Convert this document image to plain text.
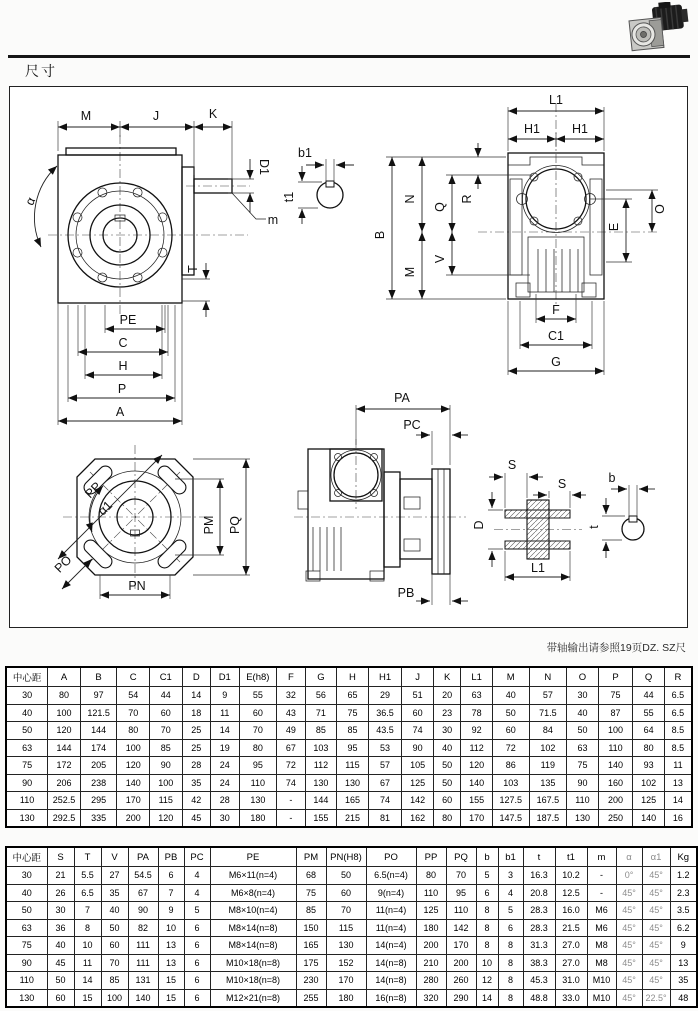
尺寸
M	J	K
D1
m
α
T
b1
t1
PE
C
H
P
A
L1
H1	H1
B
N
Q
R
M
V
O
E
F
C1
G
PP
α1
PO
PM PQ
PN
PA
PC
PB
S
S
D
L1
b
t
带轴输出请参照19页DZ. SZ尺
中心距	A	B	C	C1	D	D1	E(h8)	F	G	H	H1	J	K	L1	M	N	O	P	Q	R
30	80	97	54	44	14	9	55	32	56	65	29	51	20	63	40	57	30	75	44	6.5
40	100	121.5	70	60	18	11	60	43	71	75	36.5	60	23	78	50	71.5	40	87	55	6.5
50	120	144	80	70	25	14	70	49	85	85	43.5	74	30	92	60	84	50	100	64	8.5
63	144	174	100	85	25	19	80	67	103	95	53	90	40	112	72	102	63	110	80	8.5
75	172	205	120	90	28	24	95	72	112	115	57	105	50	120	86	119	75	140	93	11
90	206	238	140	100	35	24	110	74	130	130	67	125	50	140	103	135	90	160	102	13
110	252.5	295	170	115	42	28	130	-	144	165	74	142	60	155	127.5	167.5	110	200	125	14
130	292.5	335	200	120	45	30	180	-	155	215	81	162	80	170	147.5	187.5	130	250	140	16
中心距	S	T	V	PA	PB	PC	PE	PM	PN(H8)	PO	PP	PQ	b	b1	t	t1	m	α	α1	Kg
30	21	5.5	27	54.5	6	4	M6×11(n=4)	68	50	6.5(n=4)	80	70	5	3	16.3	10.2	-	0°	45°	1.2
40	26	6.5	35	67	7	4	M6×8(n=4)	75	60	9(n=4)	110	95	6	4	20.8	12.5	-	45°	45°	2.3
50	30	7	40	90	9	5	M8×10(n=4)	85	70	11(n=4)	125	110	8	5	28.3	16.0	M6	45°	45°	3.5
63	36	8	50	82	10	6	M8×14(n=8)	150	115	11(n=4)	180	142	8	6	28.3	21.5	M6	45°	45°	6.2
75	40	10	60	111	13	6	M8×14(n=8)	165	130	14(n=4)	200	170	8	8	31.3	27.0	M8	45°	45°	9
90	45	11	70	111	13	6	M10×18(n=8)	175	152	14(n=8)	210	200	10	8	38.3	27.0	M8	45°	45°	13
110	50	14	85	131	15	6	M10×18(n=8)	230	170	14(n=8)	280	260	12	8	45.3	31.0	M10	45°	45°	35
130	60	15	100	140	15	6	M12×21(n=8)	255	180	16(n=8)	320	290	14	8	48.8	33.0	M10	45°	22.5°	48
